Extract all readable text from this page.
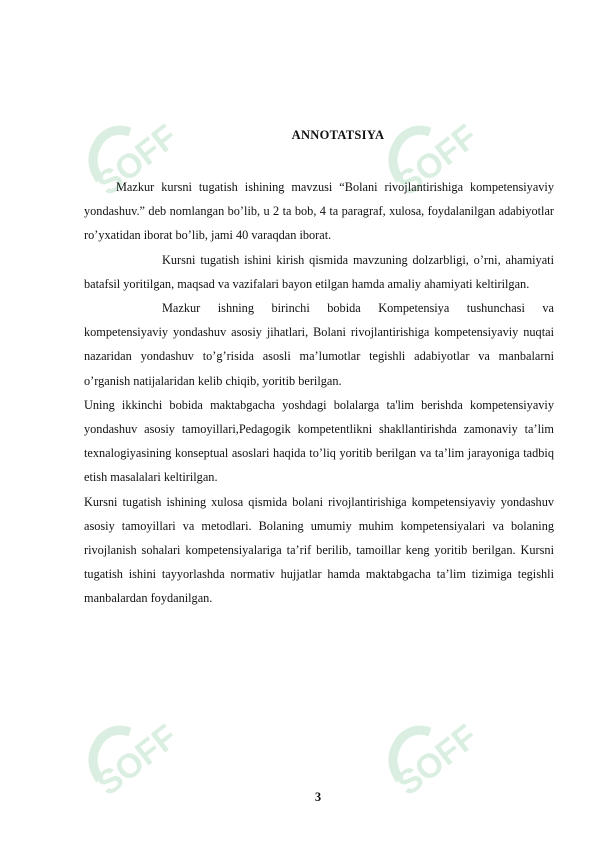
SOFF	SOFF
SOFF	SOFF
ANNOTATSIYA

Mazkur kursni tugatish ishining mavzusi “Bolani rivojlantirishiga kompetensiyaviy yondashuv.” deb nomlangan bo’lib, u 2 ta bob, 4 ta paragraf, xulosa, foydalanilgan adabiyotlar ro’yxatidan iborat bo’lib, jami 40 varaqdan iborat.

Kursni tugatish ishini kirish qismida mavzuning dolzarbligi, o’rni, ahamiyati batafsil yoritilgan, maqsad va vazifalari bayon etilgan hamda amaliy ahamiyati keltirilgan.

Mazkur ishning birinchi bobida Kompetensiya tushunchasi va kompetensiyaviy yondashuv asosiy jihatlari, Bolani rivojlantirishiga kompetensiyaviy nuqtai nazaridan yondashuv to’g’risida asosli ma’lumotlar tegishli adabiyotlar va manbalarni o’rganish natijalaridan kelib chiqib, yoritib berilgan.

Uning ikkinchi bobida maktabgacha yoshdagi bolalarga ta'lim berishda kompetensiyaviy yondashuv asosiy tamoyillari,Pedagogik kompetentlikni shakllantirishda zamonaviy ta’lim texnalogiyasining konseptual asoslari haqida to’liq yoritib berilgan va ta’lim jarayoniga tadbiq etish masalalari keltirilgan.

Kursni tugatish ishining xulosa qismida bolani rivojlantirishiga kompetensiyaviy yondashuv asosiy tamoyillari va metodlari. Bolaning umumiy muhim kompetensiyalari va bolaning rivojlanish sohalari kompetensiyalariga ta’rif berilib, tamoillar keng yoritib berilgan. Kursni tugatish ishini tayyorlashda normativ hujjatlar hamda maktabgacha ta’lim tizimiga tegishli manbalardan foydanilgan.

3
